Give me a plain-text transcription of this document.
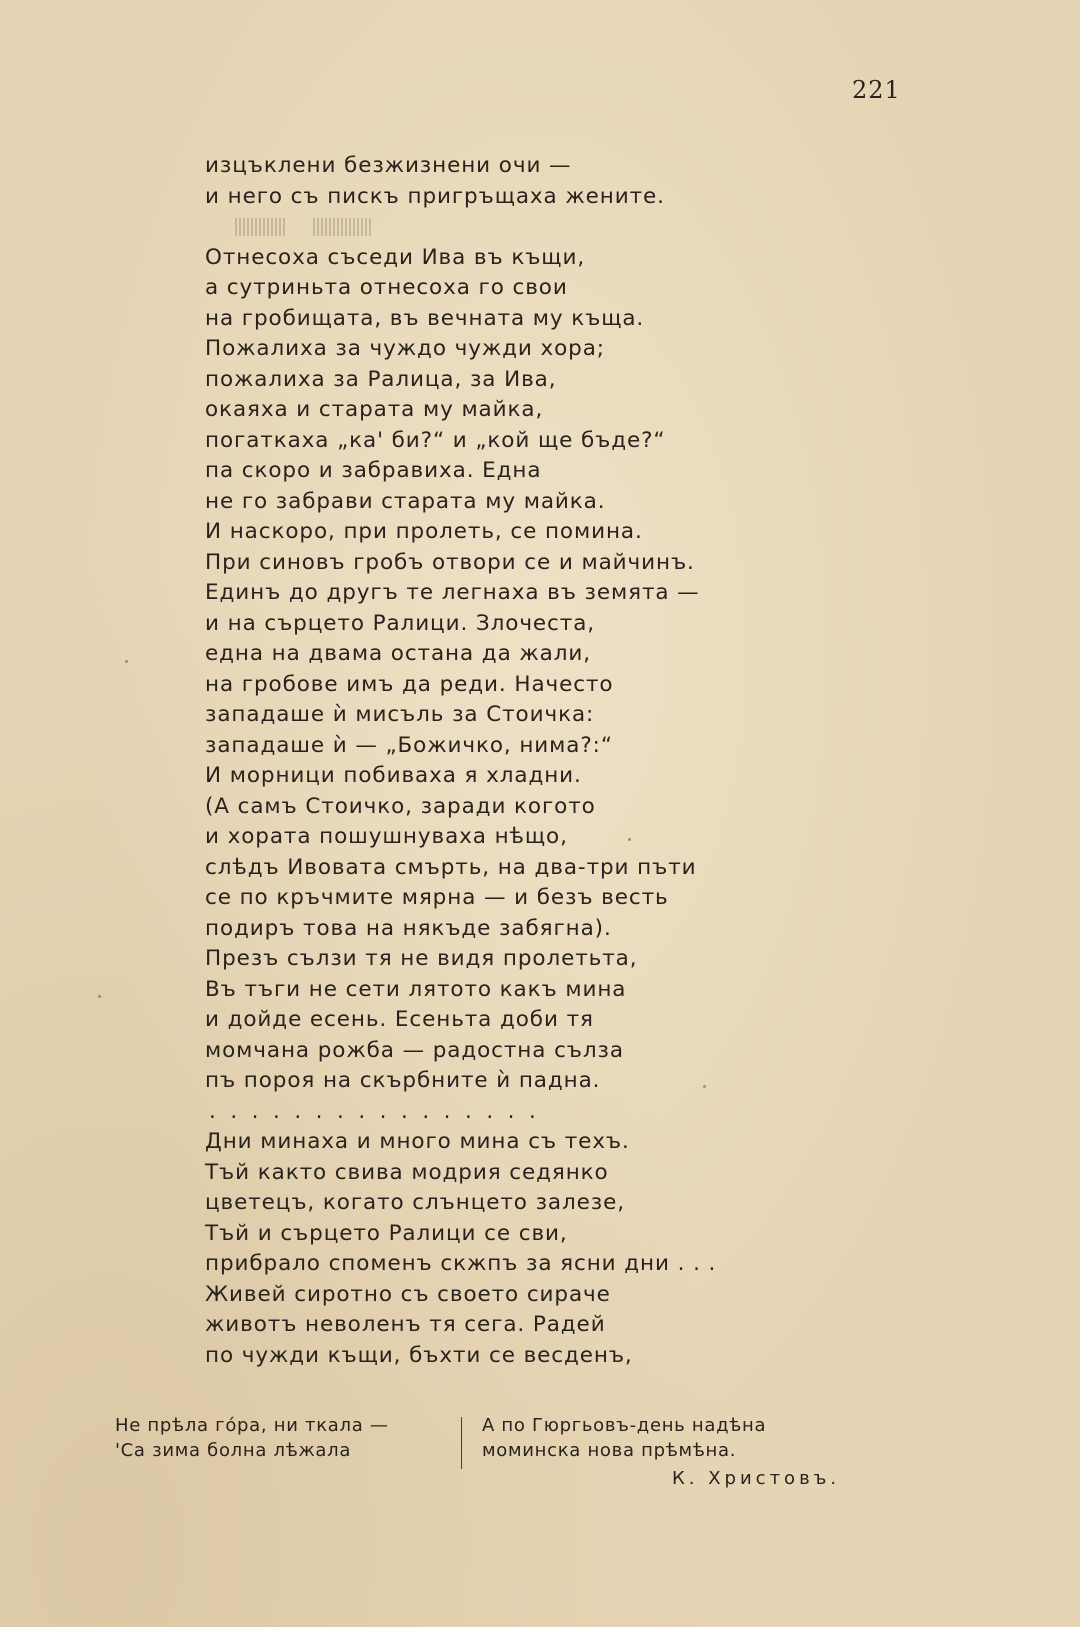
221
изцъклени безжизнени очи —
и него съ пискъ пригръщаха жените.
Отнесоха съседи Ива въ къщи,
а сутриньта отнесоха го свои
на гробищата, въ вечната му къща.
Пожалиха за чуждо чужди хора;
пожалиха за Ралица, за Ива,
окаяха и старата му майка,
погаткаха „ка' би?“ и „кой ще бъде?“
па скоро и забравиха. Една
не го забрави старата му майка.
И наскоро, при пролеть, се помина.
При синовъ гробъ отвори се и майчинъ.
Единъ до другъ те легнаха въ земята —
и на сърцето Ралици. Злочеста,
една на двама остана да жали,
на гробове имъ да реди. Начесто
западаше ѝ мисъль за Стоичка:
западаше ѝ — „Божичко, нима?:“
И морници побиваха я хладни.
(А самъ Стоичко, заради когото
и хората пошушнуваха нѣщо,
слѣдъ Ивовата смърть, на два-три пъти
се по кръчмите мярна — и безъ весть
подиръ това на някъде забягна).
Презъ сълзи тя не видя пролетьта,
Въ тъги не сети лятото какъ мина
и дойде есень. Есеньта доби тя
момчана рожба — радостна сълза
пъ пороя на скърбните ѝ падна.
................
Дни минаха и много мина съ техъ.
Тъй както свива модрия седянко
цветецъ, когато слънцето залезе,
Тъй и сърцето Ралици се сви,
прибрало споменъ скжпъ за ясни дни . . .
Живей сиротно съ своето сираче
животъ неволенъ тя сега. Радей
по чужди къщи, бъхти се весденъ,
Не прѣла гóра, ни ткала —
'Са зима болна лѣжала
А по Гюргьовъ-день надѣна
моминска нова прѣмѣна.
К. Христовъ.
